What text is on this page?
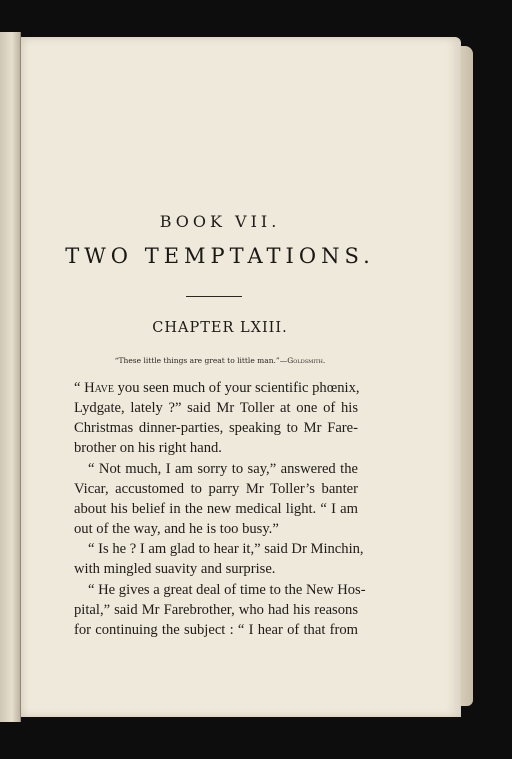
BOOK VII.
TWO TEMPTATIONS.
CHAPTER LXIII.
“These little things are great to little man.”—Goldsmith.
“ Have you seen much of your scientific phœnix,
Lydgate, lately ?” said Mr Toller at one of his
Christmas dinner-parties, speaking to Mr Fare-
brother on his right hand.
“ Not much, I am sorry to say,” answered the
Vicar, accustomed to parry Mr Toller’s banter
about his belief in the new medical light. “ I am
out of the way, and he is too busy.”
“ Is he ? I am glad to hear it,” said Dr Minchin,
with mingled suavity and surprise.
“ He gives a great deal of time to the New Hos-
pital,” said Mr Farebrother, who had his reasons
for continuing the subject : “ I hear of that from
